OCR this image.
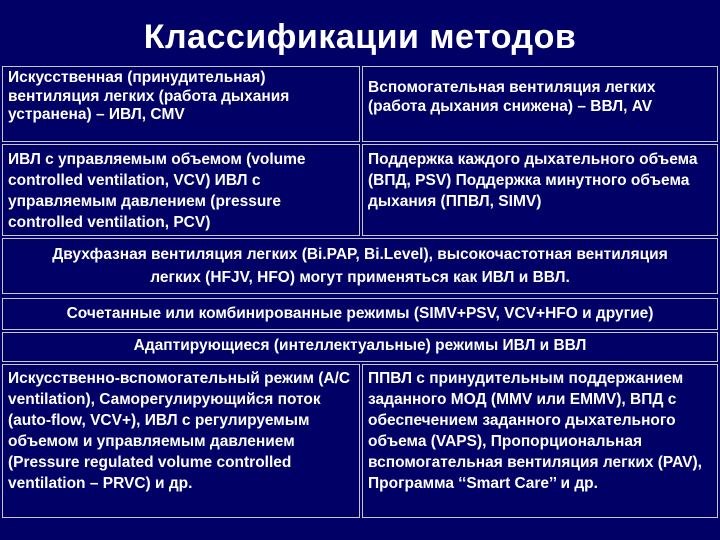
Классификации методов
Искусственная (принудительная) вентиляция легких (работа дыхания устранена) – ИВЛ, CMV
Вспомогательная вентиляция легких (работа дыхания снижена) – ВВЛ, AV
ИВЛ с управляемым объемом (volume controlled ventilation, VCV) ИВЛ с управляемым давлением (pressure controlled ventilation, PCV)
Поддержка каждого дыхательного объема (ВПД, PSV) Поддержка минутного объема дыхания (ППВЛ, SIMV)
Двухфазная вентиляция легких (Bi.PAP, Bi.Level), высокочастотная вентиляция легких (HFJV, HFO) могут применяться как ИВЛ и ВВЛ.
Сочетанные или комбинированные режимы (SIMV+PSV, VCV+HFO и другие)
Адаптирующиеся (интеллектуальные) режимы ИВЛ и ВВЛ
Искусственно-вспомогательный режим (A/C ventilation), Саморегулирующийся поток (auto-flow, VCV+), ИВЛ с регулируемым объемом и управляемым давлением (Pressure regulated volume controlled ventilation – PRVC) и др.
ППВЛ с принудительным поддержанием заданного МОД (MMV или EMMV), ВПД с обеспечением заданного дыхательного объема (VAPS), Пропорциональная вспомогательная вентиляция легких (PAV), Программа ‘‘Smart Care’’ и др.
